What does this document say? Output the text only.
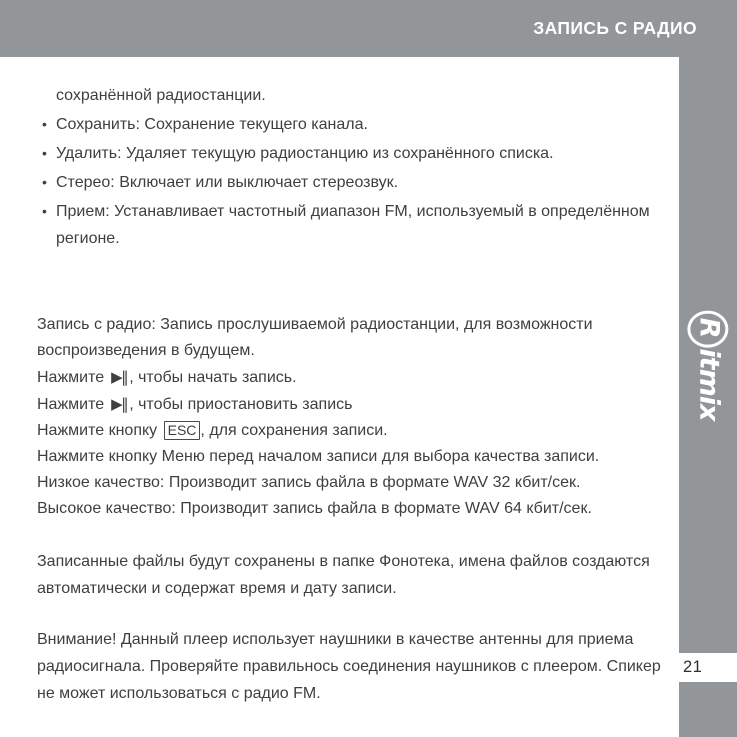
ЗАПИСЬ С РАДИО
Ritmix
21
сохранённой радиостанции.
• Сохранить: Сохранение текущего канала.
• Удалить: Удаляет текущую радиостанцию из сохранённого списка.
• Стерео: Включает или выключает стереозвук.
• Прием: Устанавливает частотный диапазон FM, используемый в определённом
регионе.
Запись с радио: Запись прослушиваемой радиостанции, для возможности
воспроизведения в будущем.
Нажмите ▶‖ , чтобы начать запись.
Нажмите ▶‖ , чтобы приостановить запись
Нажмите кнопку ESC , для сохранения записи.
Нажмите кнопку Меню перед началом записи для выбора качества записи.
Низкое качество: Производит запись файла в формате WAV 32 кбит/сек.
Высокое качество: Производит запись файла в формате WAV 64 кбит/сек.
Записанные файлы будут сохранены в папке Фонотека, имена файлов создаются
автоматически и содержат время и дату записи.
Внимание! Данный плеер использует наушники в качестве антенны для приема
радиосигнала. Проверяйте правильнось соединения наушников с плеером. Спикер
не может использоваться с радио FM.
